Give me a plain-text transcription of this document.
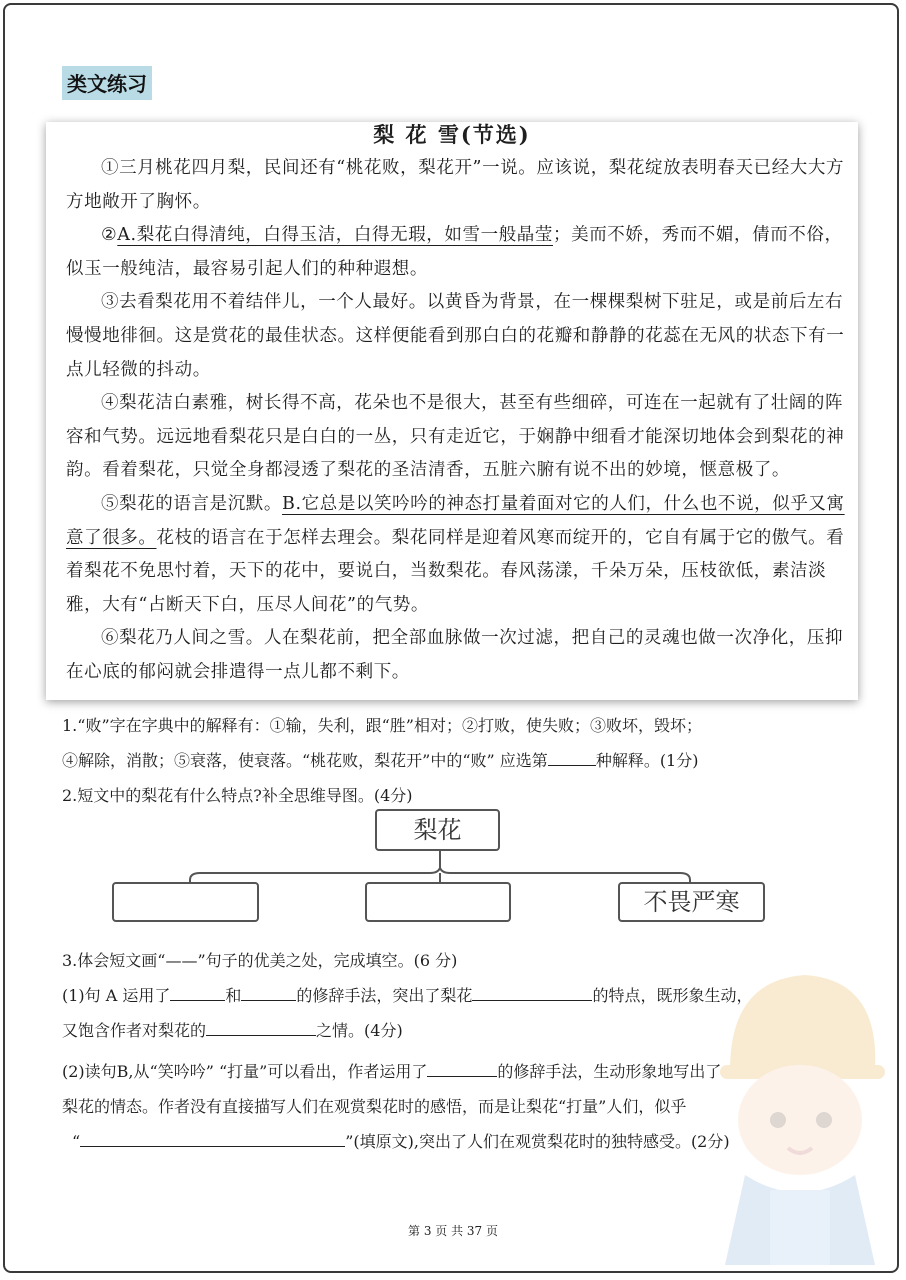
类文练习
梨 花 雪(节选)

①三月桃花四月梨，民间还有“桃花败，梨花开”一说。应该说，梨花绽放表明春天已经大大方方地敞开了胸怀。

②A.梨花白得清纯，白得玉洁，白得无瑕，如雪一般晶莹；美而不娇，秀而不媚，倩而不俗，似玉一般纯洁，最容易引起人们的种种遐想。

③去看梨花用不着结伴儿，一个人最好。以黄昏为背景，在一棵棵梨树下驻足，或是前后左右慢慢地徘徊。这是赏花的最佳状态。这样便能看到那白白的花瓣和静静的花蕊在无风的状态下有一点儿轻微的抖动。

④梨花洁白素雅，树长得不高，花朵也不是很大，甚至有些细碎，可连在一起就有了壮阔的阵容和气势。远远地看梨花只是白白的一丛，只有走近它，于娴静中细看才能深切地体会到梨花的神韵。看着梨花，只觉全身都浸透了梨花的圣洁清香，五脏六腑有说不出的妙境，惬意极了。

⑤梨花的语言是沉默。B.它总是以笑吟吟的神态打量着面对它的人们，什么也不说，似乎又寓意了很多。花枝的语言在于怎样去理会。梨花同样是迎着风寒而绽开的，它自有属于它的傲气。看着梨花不免思忖着，天下的花中，要说白，当数梨花。春风荡漾，千朵万朵，压枝欲低，素洁淡雅，大有“占断天下白，压尽人间花”的气势。

⑥梨花乃人间之雪。人在梨花前，把全部血脉做一次过滤，把自己的灵魂也做一次净化，压抑在心底的郁闷就会排遣得一点儿都不剩下。

1.“败”字在字典中的解释有：①输，失利，跟“胜”相对；②打败，使失败；③败坏，毁坏；

④解除，消散；⑤衰落，使衰落。“桃花败，梨花开”中的“败” 应选第	种解释。(1分)

2.短文中的梨花有什么特点?补全思维导图。(4分)

3.体会短文画“——”句子的优美之处，完成填空。(6 分)

(1)句 A 运用了	和	的修辞手法，突出了梨花	的特点，既形象生动，

又饱含作者对梨花的	之情。(4分)

(2)读句B,从“笑吟吟” “打量”可以看出，作者运用了	的修辞手法，生动形象地写出了

梨花的情态。作者没有直接描写人们在观赏梨花时的感悟，而是让梨花“打量”人们，似乎

“	”(填原文),突出了人们在观赏梨花时的独特感受。(2分)

梨花
不畏严寒
第 3 页 共 37 页
